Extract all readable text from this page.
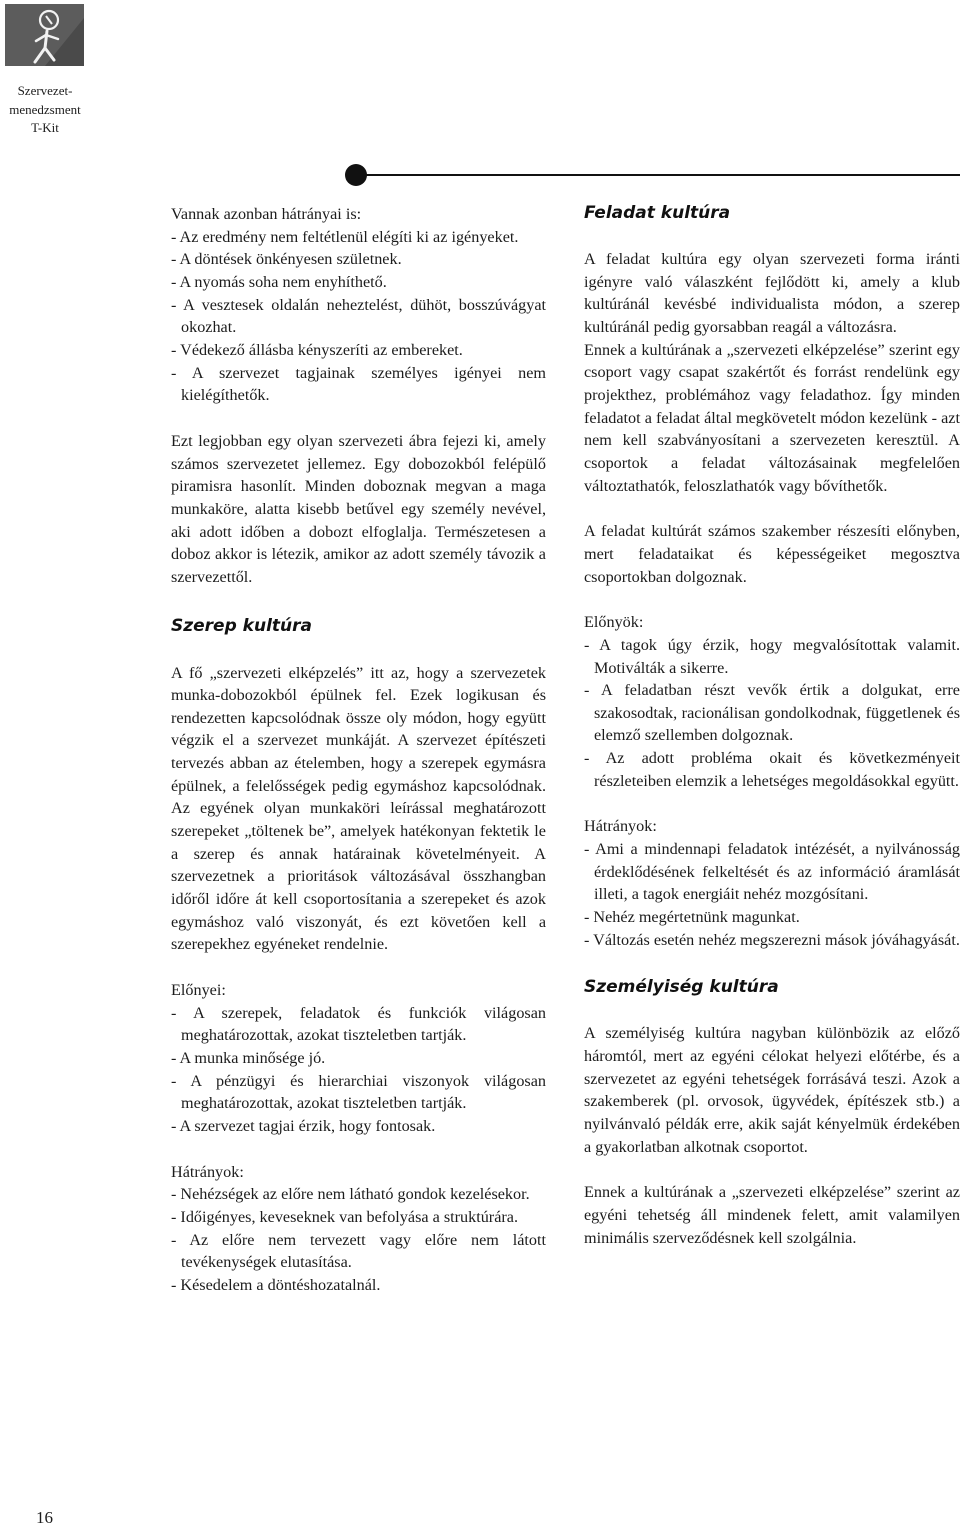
Szervezet-
menedzsment
T-Kit
16

Vannak azonban hátrányai is:

- Az eredmény nem feltétlenül elégíti ki az igényeket.
- A döntések önkényesen születnek.
- A nyomás soha nem enyhíthető.
- A vesztesek oldalán neheztelést, dühöt, bosszúvágyat okozhat.
- Védekező állásba kényszeríti az embereket.
- A szervezet tagjainak személyes igényei nem kielégíthetők.

Ezt legjobban egy olyan szervezeti ábra fejezi ki, amely számos szervezetet jellemez. Egy dobozokból felépülő piramisra hasonlít. Minden doboznak megvan a maga munkaköre, alatta kisebb betűvel egy személy nevével, aki adott időben a dobozt elfoglalja. Természetesen a doboz akkor is létezik, amikor az adott személy távozik a szervezettől.

Szerep kultúra

A fő „szervezeti elképzelés” itt az, hogy a szervezetek munka-dobozokból épülnek fel. Ezek logikusan és rendezetten kapcsolódnak össze oly módon, hogy együtt végzik el a szervezet munkáját. A szervezet építészeti tervezés abban az ételemben, hogy a szerepek egymásra épülnek, a felelősségek pedig egymáshoz kapcsolódnak. Az egyének olyan munkaköri leírással meghatározott szerepeket „töltenek be”, amelyek hatékonyan fektetik le a szerep és annak határainak követelményeit. A szervezetnek a prioritások változásával összhangban időről időre át kell csoportosítania a szerepeket és azok egymáshoz való viszonyát, és ezt követően kell a szerepekhez egyéneket rendelnie.

Előnyei:

- A szerepek, feladatok és funkciók világosan meghatározottak, azokat tiszteletben tartják.
- A munka minősége jó.
- A pénzügyi és hierarchiai viszonyok világosan meghatározottak, azokat tiszteletben tartják.
- A szervezet tagjai érzik, hogy fontosak.

Hátrányok:

- Nehézségek az előre nem látható gondok kezelésekor.
- Időigényes, keveseknek van befolyása a struktúrára.
- Az előre nem tervezett vagy előre nem látott tevékenységek elutasítása.
- Késedelem a döntéshozatalnál.
Feladat kultúra

A feladat kultúra egy olyan szervezeti forma iránti igényre való válaszként fejlődött ki, amely a klub kultúránál kevésbé individualista módon, a szerep kultúránál pedig gyorsabban reagál a változásra.

Ennek a kultúrának a „szervezeti elképzelése” szerint egy csoport vagy csapat szakértőt és forrást rendelünk egy projekthez, problémához vagy feladathoz. Így minden feladatot a feladat által megkövetelt módon kezelünk - azt nem kell szabványosítani a szervezeten keresztül. A csoportok a feladat változásainak megfelelően változtathatók, feloszlathatók vagy bővíthetők.

A feladat kultúrát számos szakember részesíti előnyben, mert feladataikat és képességeiket megosztva csoportokban dolgoznak.

Előnyök:

- A tagok úgy érzik, hogy megvalósítottak valamit. Motiválták a sikerre.
- A feladatban részt vevők értik a dolgukat, erre szakosodtak, racionálisan gondolkodnak, függetlenek és elemző szellemben dolgoznak.
- Az adott probléma okait és következményeit részleteiben elemzik a lehetséges megoldásokkal együtt.

Hátrányok:

- Ami a mindennapi feladatok intézését, a nyilvánosság érdeklődésének felkeltését és az információ áramlását illeti, a tagok energiáit nehéz mozgósítani.
- Nehéz megértetnünk magunkat.
- Változás esetén nehéz megszerezni mások jóváhagyását.
Személyiség kultúra

A személyiség kultúra nagyban különbözik az előző háromtól, mert az egyéni célokat helyezi előtérbe, és a szervezetet az egyéni tehetségek forrásává teszi. Azok a szakemberek (pl. orvosok, ügyvédek, építészek stb.) a nyilvánvaló példák erre, akik saját kényelmük érdekében a gyakorlatban alkotnak csoportot.

Ennek a kultúrának a „szervezeti elképzelése” szerint az egyéni tehetség áll mindenek felett, amit valamilyen minimális szerveződésnek kell szolgálnia.
